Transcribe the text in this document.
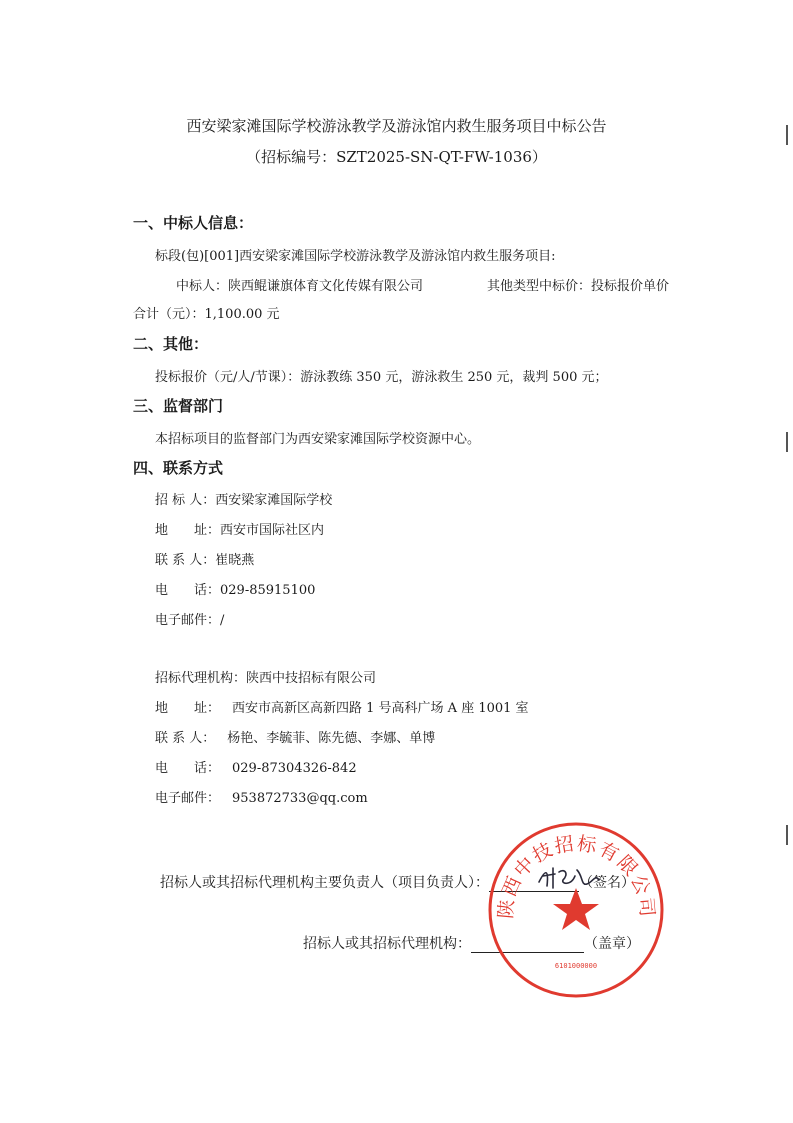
西安梁家滩国际学校游泳教学及游泳馆内救生服务项目中标公告
（招标编号：SZT2025-SN-QT-FW-1036）
一、中标人信息：
标段(包)[001]西安梁家滩国际学校游泳教学及游泳馆内救生服务项目:
中标人：陕西鲲谦旗体育文化传媒有限公司	其他类型中标价：投标报价单价
合计（元）：1,100.00 元
二、其他：
投标报价（元/人/节课）：游泳教练 350 元，游泳救生 250 元，裁判 500 元；
三、监督部门
本招标项目的监督部门为西安梁家滩国际学校资源中心。
四、联系方式
招 标 人：西安梁家滩国际学校
地　　址：西安市国际社区内
联 系 人：崔晓燕
电　　话：029-85915100
电子邮件：/
招标代理机构：陕西中技招标有限公司
地　　址： 西安市高新区高新四路 1 号高科广场 A 座 1001 室
联 系 人： 杨艳、李毓菲、陈先德、李娜、单博
电　　话： 029-87304326-842
电子邮件： 953872733@qq.com
招标人或其招标代理机构主要负责人（项目负责人）：	（签名）
招标人或其招标代理机构：	（盖章）
陕西中技招标有限公司
6101000000
